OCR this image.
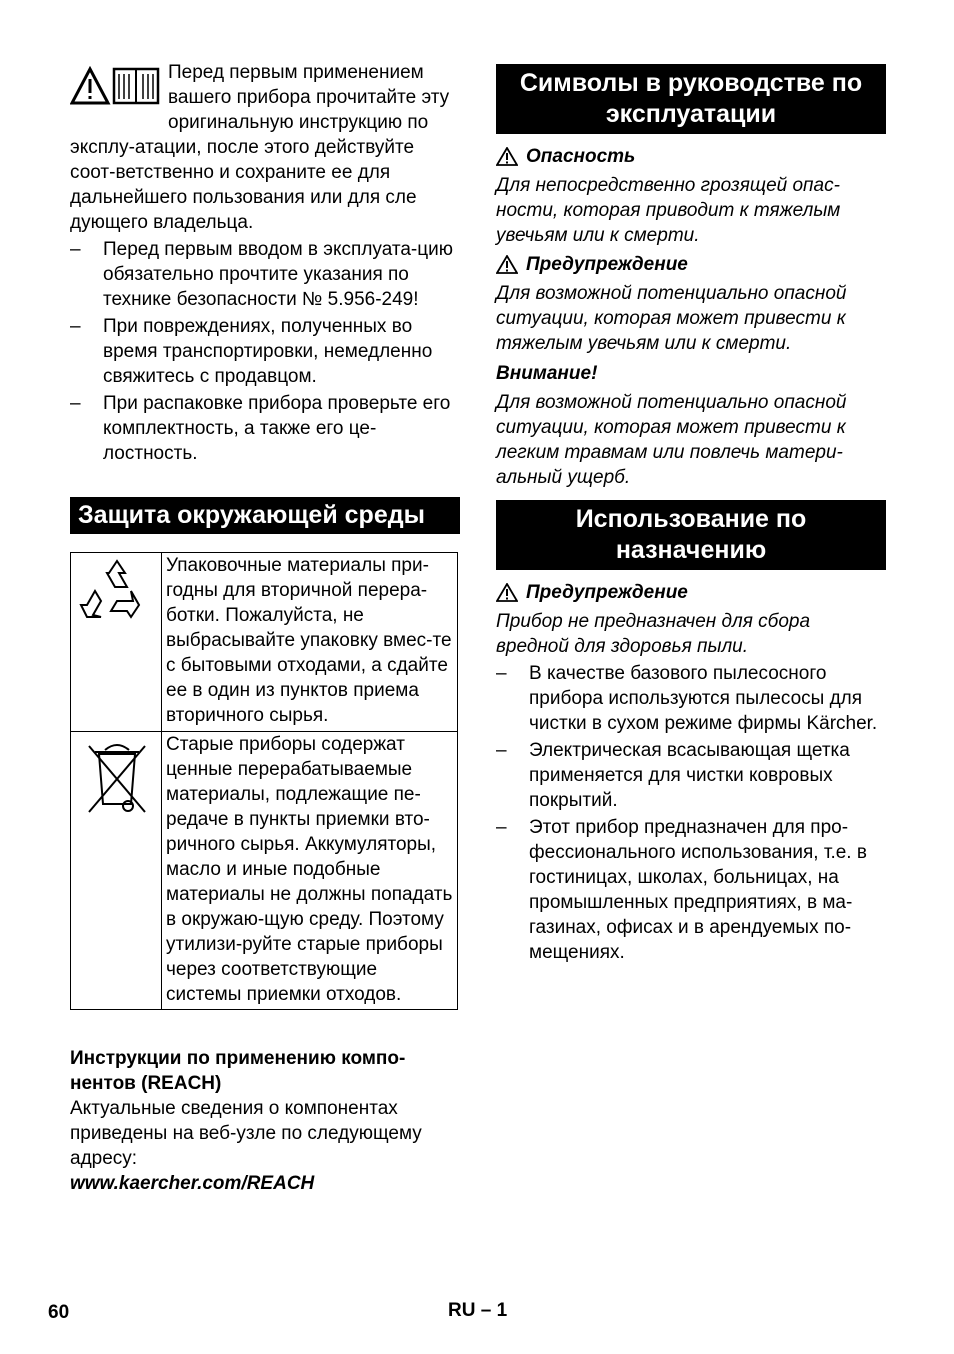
Перед первым применением вашего прибора прочитайте эту оригинальную инструкцию по эксплу-атации, после этого действуйте соот-ветственно и сохраните ее для дальнейшего пользования или для сле дующего владельца.

– Перед первым вводом в эксплуата-цию обязательно прочтите указания по технике безопасности № 5.956-249!
– При повреждениях, полученных во время транспортировки, немедленно свяжитесь с продавцом.
– При распаковке прибора проверьте его комплектность, а также его це-лостность.
Защита окружающей среды
	Упаковочные материалы при-годны для вторичной перера-ботки. Пожалуйста, не выбрасывайте упаковку вмес-те с бытовыми отходами, а сдайте ее в один из пунктов приема вторичного сырья.
	Старые приборы содержат ценные перерабатываемые материалы, подлежащие пе-редаче в пункты приемки вто-ричного сырья. Аккумуляторы, масло и иные подобные материалы не должны попадать в окружаю-щую среду. Поэтому утилизи-руйте старые приборы через соответствующие системы приемки отходов.

Инструкции по применению компо-нентов (REACH)

Актуальные сведения о компонентах приведены на веб-узле по следующему адресу:

www.kaercher.com/REACH

Символы в руководстве по эксплуатации
Опасность

Для непосредственно грозящей опас-ности, которая приводит к тяжелым увечьям или к смерти.

Предупреждение

Для возможной потенциально опасной ситуации, которая может привести к тяжелым увечьям или к смерти.

Внимание!

Для возможной потенциально опасной ситуации, которая может привести к легким травмам или повлечь матери-альный ущерб.

Использование по назначению
Предупреждение

Прибор не предназначен для сбора вредной для здоровья пыли.

– В качестве базового пылесосного прибора используются пылесосы для чистки в сухом режиме фирмы Kärcher.
– Электрическая всасывающая щетка применяется для чистки ковровых покрытий.
– Этот прибор предназначен для про-фессионального использования, т.е. в гостиницах, школах, больницах, на промышленных предприятиях, в ма-газинах, офисах и в арендуемых по-мещениях.
60	RU – 1
